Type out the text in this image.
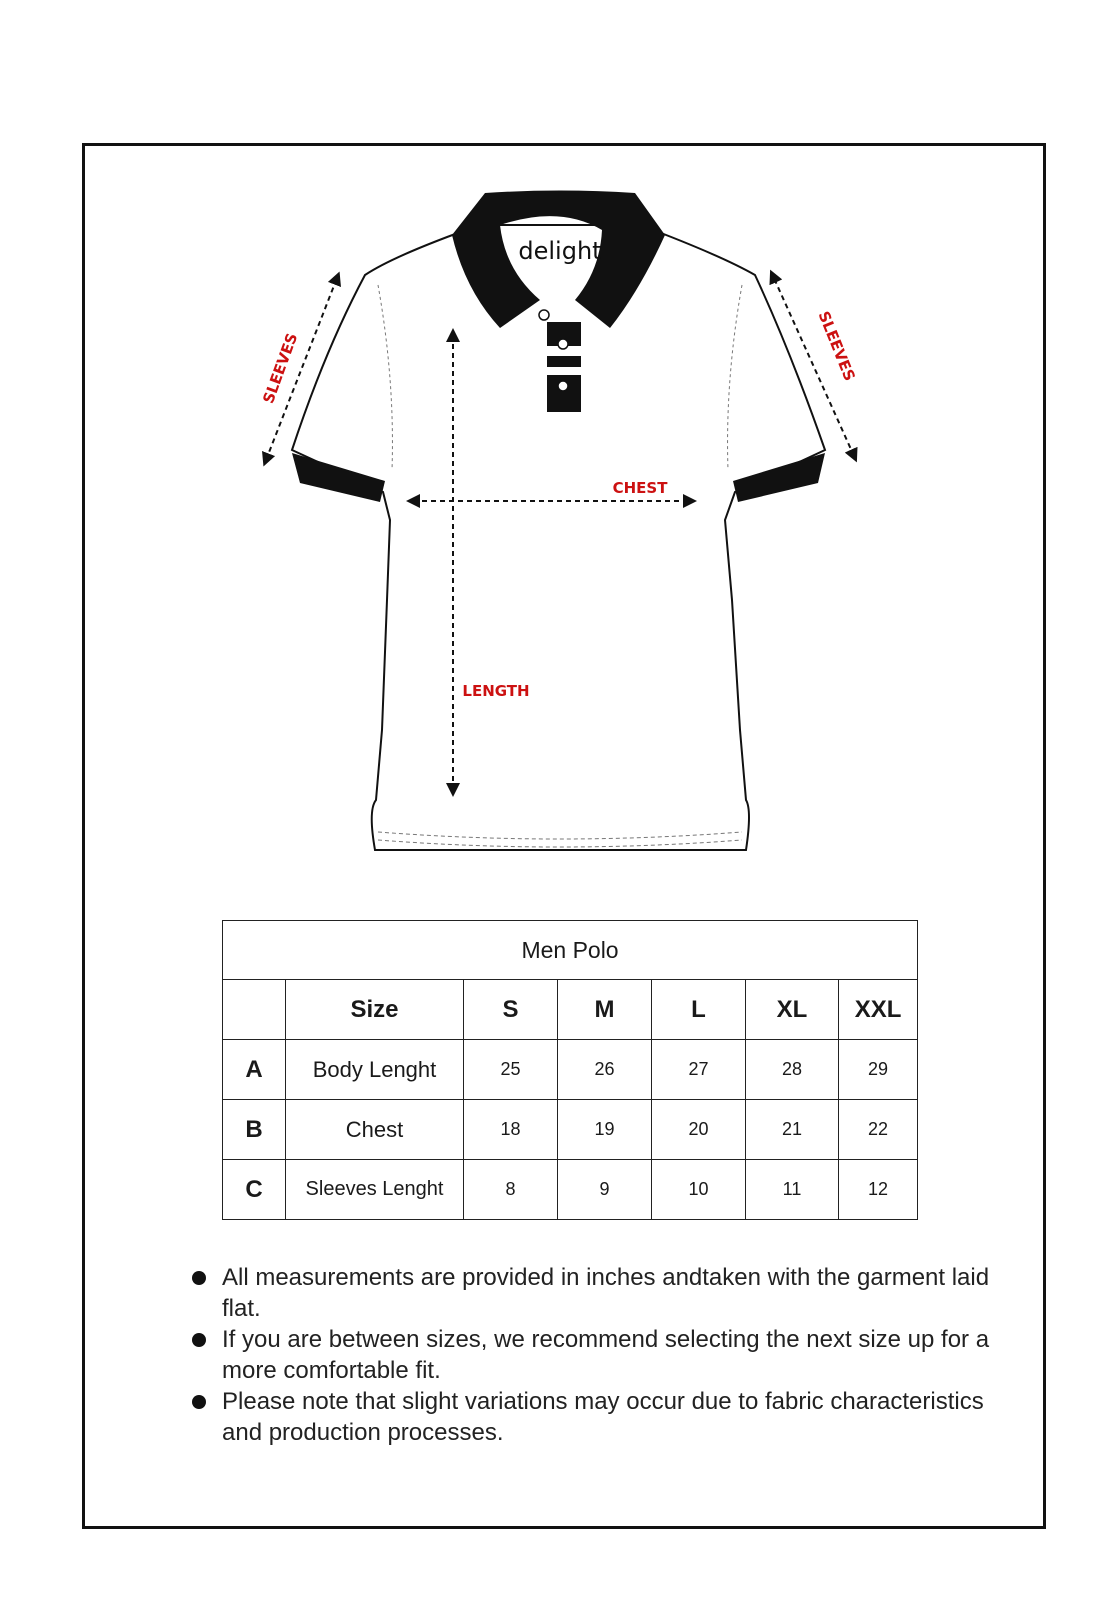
delight
SLEEVES	SLEEVES
CHEST
LENGTH
Men Polo						
	Size	S	M	L	XL	XXL
A	Body Lenght	25	26	27	28	29
B	Chest	18	19	20	21	22
C	Sleeves Lenght	8	9	10	11	12
All measurements are provided in inches andtaken with the garment laid flat.
If you are between sizes, we recommend selecting the next size up for a more comfortable fit.
Please note that slight variations may occur due to fabric characteristics and production processes.
